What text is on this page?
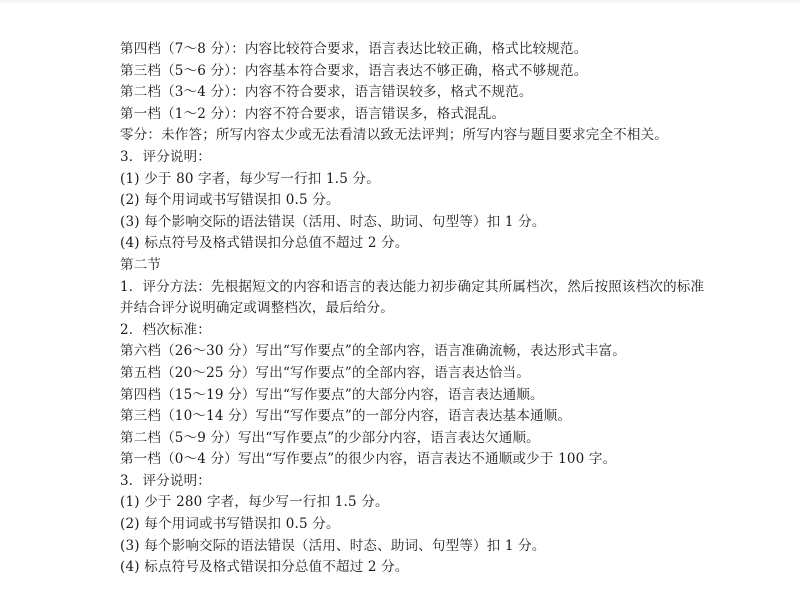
第四档（7～8 分）：内容比较符合要求，语言表达比较正确，格式比较规范。
第三档（5～6 分）：内容基本符合要求，语言表达不够正确，格式不够规范。
第二档（3～4 分）：内容不符合要求，语言错误较多，格式不规范。
第一档（1～2 分）：内容不符合要求，语言错误多，格式混乱。
零分：未作答；所写内容太少或无法看清以致无法评判；所写内容与题目要求完全不相关。
3．评分说明：
(1) 少于 80 字者，每少写一行扣 1.5 分。
(2) 每个用词或书写错误扣 0.5 分。
(3) 每个影响交际的语法错误（活用、时态、助词、句型等）扣 1 分。
(4) 标点符号及格式错误扣分总值不超过 2 分。
第二节
1．评分方法：先根据短文的内容和语言的表达能力初步确定其所属档次，然后按照该档次的标准并结合评分说明确定或调整档次，最后给分。
2．档次标准：
第六档（26～30 分）写出“写作要点”的全部内容，语言准确流畅，表达形式丰富。
第五档（20～25 分）写出“写作要点”的全部内容，语言表达恰当。
第四档（15～19 分）写出“写作要点”的大部分内容，语言表达通顺。
第三档（10～14 分）写出“写作要点”的一部分内容，语言表达基本通顺。
第二档（5～9 分）写出“写作要点”的少部分内容，语言表达欠通顺。
第一档（0～4 分）写出“写作要点”的很少内容，语言表达不通顺或少于 100 字。
3．评分说明：
(1) 少于 280 字者，每少写一行扣 1.5 分。
(2) 每个用词或书写错误扣 0.5 分。
(3) 每个影响交际的语法错误（活用、时态、助词、句型等）扣 1 分。
(4) 标点符号及格式错误扣分总值不超过 2 分。
